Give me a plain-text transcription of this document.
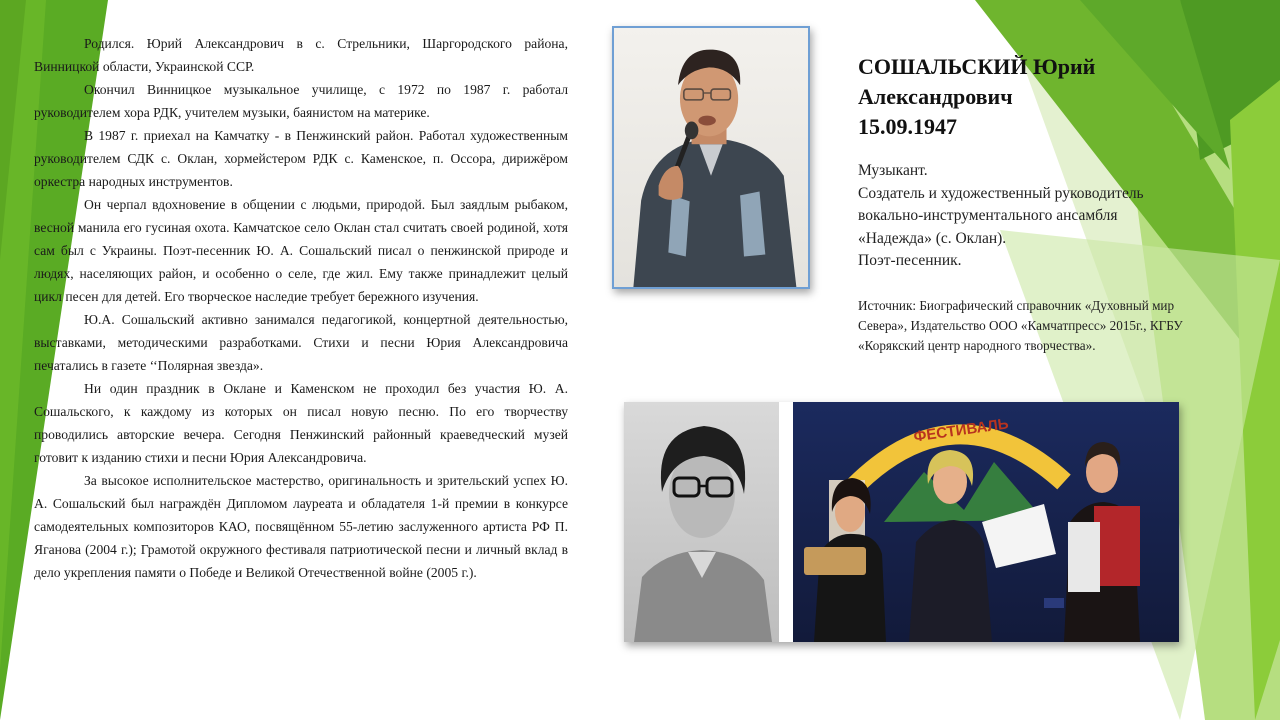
Родился. Юрий Александрович в с. Стрельники, Шаргородского района, Винницкой области, Украинской ССР.

Окончил Винницкое музыкальное училище, с 1972 по 1987 г. работал руководителем хора РДК, учителем музыки, баянистом на материке.

В 1987 г. приехал на Камчатку - в Пенжинский район. Работал художественным руководителем СДК с. Оклан, хормейстером РДК с. Каменское, п. Оссора, дирижёром оркестра народных инструментов.

Он черпал вдохновение в общении с людьми, природой. Был заядлым рыбаком, весной манила его гусиная охота. Камчатское село Оклан стал считать своей родиной, хотя сам был с Украины. Поэт-песенник Ю. А. Сошальский писал о пенжинской природе и людях, населяющих район, и особенно о селе, где жил. Ему также принадлежит целый цикл песен для детей. Его творческое наследие требует бережного изучения.

Ю.А. Сошальский активно занимался педагогикой, концертной деятельностью, выставками, методическими разработками. Стихи и песни Юрия Александровича печатались в газете ‘‘Полярная звезда».

Ни один праздник в Оклане и Каменском не проходил без участия Ю. А. Сошальского, к каждому из которых он писал новую песню. По его творчеству проводились авторские вечера. Сегодня Пенжинский районный краеведческий музей готовит к изданию стихи и песни Юрия Александровича.

За высокое исполнительское мастерство, оригинальность и зрительский успех Ю. А. Сошальский был награждён Дипломом лауреата и обладателя 1-й премии в конкурсе самодеятельных композиторов КАО, посвящённом 55-летию заслуженного артиста РФ П. Яганова (2004 г.); Грамотой окружного фестиваля патриотической песни и личный вклад в дело укрепления памяти о Победе и Великой Отечественной войне (2005 г.).

СОШАЛЬСКИЙ Юрий
Александрович
15.09.1947
Музыкант.
Создатель и художественный руководитель
вокально-инструментального ансамбля
«Надежда» (с. Оклан).
Поэт-песенник.
Источник: Биографический справочник «Духовный мир Севера», Издательство ООО «Камчатпресс» 2015г., КГБУ «Корякский центр народного творчества».
ФЕСТИВАЛЬ
